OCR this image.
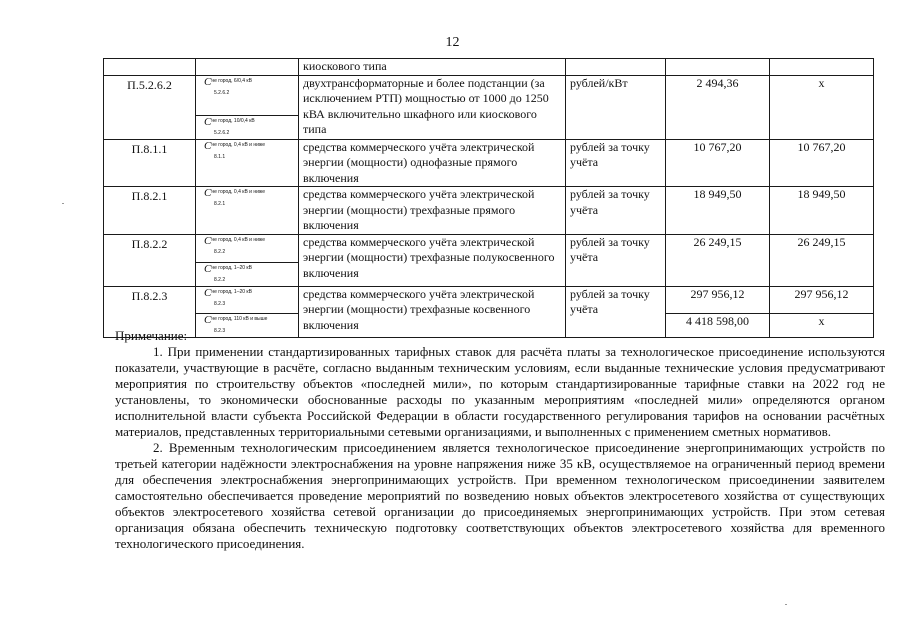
12
		киоскового типа			
П.5.2.6.2	$С^{не город, 6/0,4 кВ}$
$_{5.2.6.2}$	двухтрансформаторные и более подстанции (за исключением РТП) мощностью от 1000 до 1250 кВА включительно шкафного или киоскового типа	рублей/кВт	2 494,36	х

	$С^{не город, 10/0,4 кВ}$
$_{5.2.6.2}$

П.8.1.1	$С^{не город, 0,4 кВ и ниже}$
$_{8.1.1}$	средства коммерческого учёта электрической энергии (мощности) однофазные прямого включения	рублей за точку учёта	10 767,20	10 767,20
П.8.2.1	$С^{не город, 0,4 кВ и ниже}$
$_{8.2.1}$	средства коммерческого учёта электрической энергии (мощности) трехфазные прямого включения	рублей за точку учёта	18 949,50	18 949,50
П.8.2.2	$С^{не город, 0,4 кВ и ниже}$
$_{8.2.2}$	средства коммерческого учёта электрической энергии (мощности) трехфазные полукосвенного включения	рублей за точку учёта	26 249,15	26 249,15

	$С^{не город, 1-20 кВ}$
$_{8.2.2}$

П.8.2.3	$С^{не город, 1-20 кВ}$
$_{8.2.3}$	средства коммерческого учёта электрической энергии (мощности) трехфазные косвенного включения	рублей за точку учёта	297 956,12	297 956,12

	$С^{не город, 110 кВ и выше}$
$_{8.2.3}$			4 418 598,00	х

Примечание:

1. При применении стандартизированных тарифных ставок для расчёта платы за технологическое присоединение используются показатели, участвующие в расчёте, согласно выданным техническим условиям, если выданные технические условия предусматривают мероприятия по строительству объектов «последней мили», по которым стандартизированные тарифные ставки на 2022 год не установлены, то экономически обоснованные расходы по указанным мероприятиям «последней мили» определяются органом исполнительной власти субъекта Российской Федерации в области государственного регулирования тарифов на основании расчётных материалов, представленных территориальными сетевыми организациями, и выполненных с применением сметных нормативов.

2. Временным технологическим присоединением является технологическое присоединение энергопринимающих устройств по третьей категории надёжности электроснабжения на уровне напряжения ниже 35 кВ, осуществляемое на ограниченный период времени для обеспечения электроснабжения энергопринимающих устройств. При временном технологическом присоединении заявителем самостоятельно обеспечивается проведение мероприятий по возведению новых объектов электросетевого хозяйства от существующих объектов электросетевого хозяйства сетевой организации до присоединяемых энергопринимающих устройств. При этом сетевая организация обязана обеспечить техническую подготовку соответствующих объектов электросетевого хозяйства для временного технологического присоединения.
